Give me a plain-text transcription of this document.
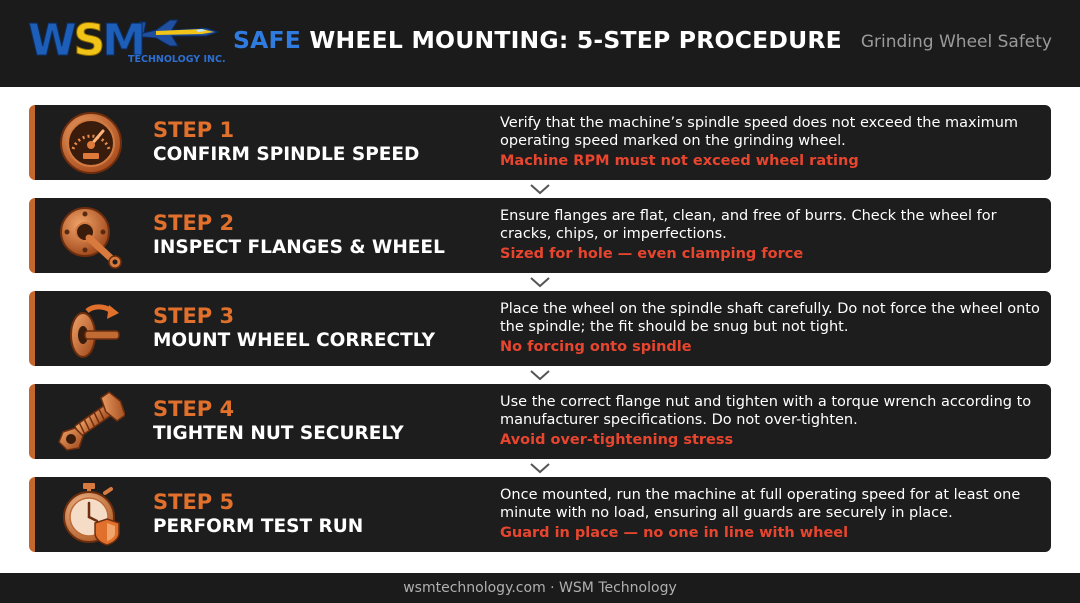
WSM
TECHNOLOGY INC.
SAFE WHEEL MOUNTING: 5-STEP PROCEDURE Grinding Wheel Safety
STEP 1
CONFIRM SPINDLE SPEED
Verify that the machine’s spindle speed does not exceed the maximum operating speed marked on the grinding wheel.
Machine RPM must not exceed wheel rating
STEP 2
INSPECT FLANGES & WHEEL
Ensure flanges are flat, clean, and free of burrs. Check the wheel for cracks, chips, or imperfections.
Sized for hole — even clamping force
STEP 3
MOUNT WHEEL CORRECTLY
Place the wheel on the spindle shaft carefully. Do not force the wheel onto the spindle; the fit should be snug but not tight.
No forcing onto spindle
STEP 4
TIGHTEN NUT SECURELY
Use the correct flange nut and tighten with a torque wrench according to manufacturer specifications. Do not over-tighten.
Avoid over-tightening stress
STEP 5
PERFORM TEST RUN
Once mounted, run the machine at full operating speed for at least one minute with no load, ensuring all guards are securely in place.
Guard in place — no one in line with wheel
wsmtechnology.com · WSM Technology
